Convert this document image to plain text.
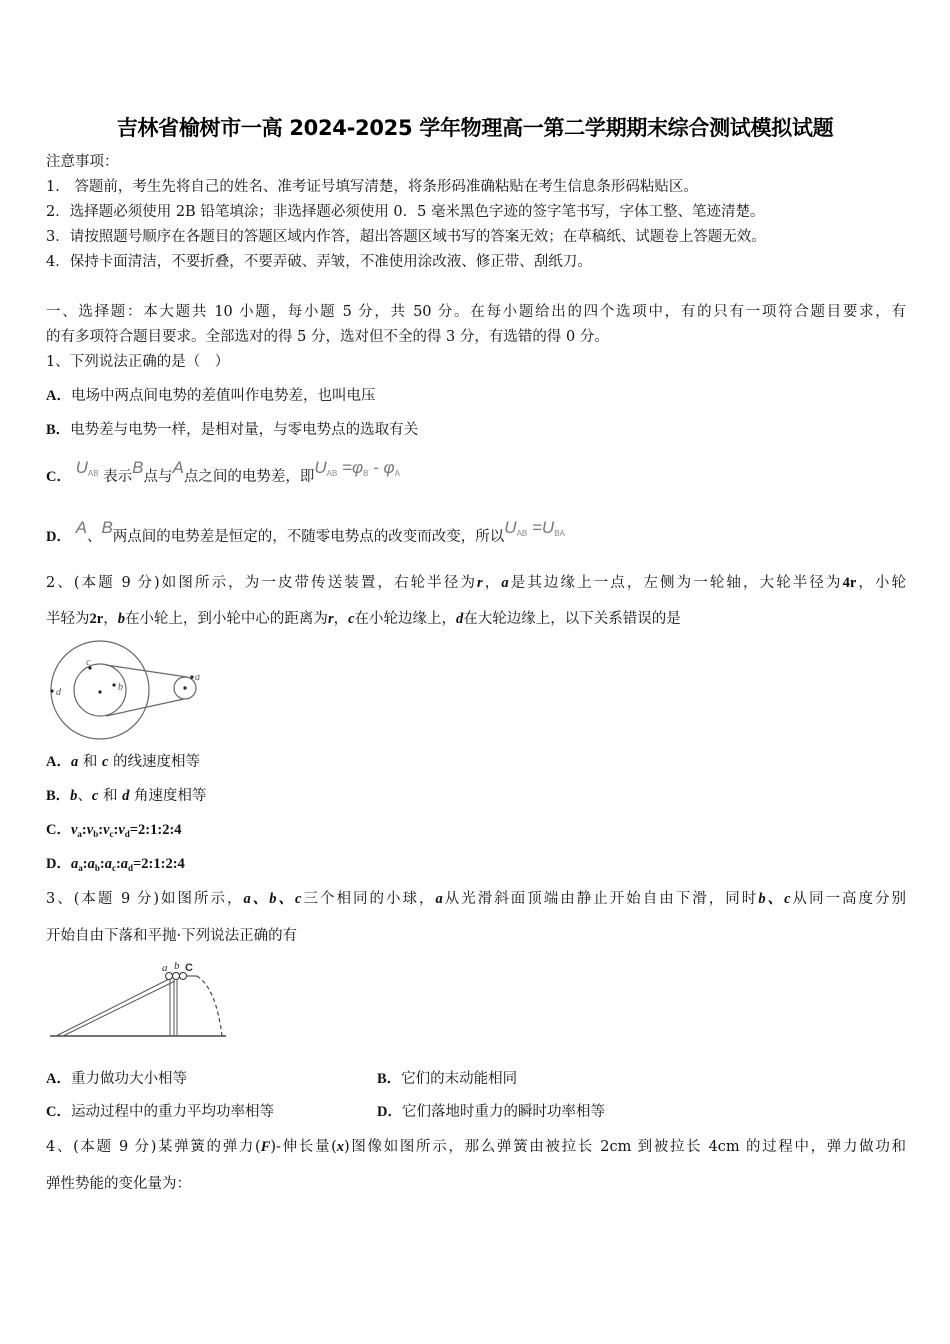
吉林省榆树市一高 2024-2025 学年物理高一第二学期期末综合测试模拟试题
注意事项：
1.　答题前，考生先将自己的姓名、准考证号填写清楚，将条形码准确粘贴在考生信息条形码粘贴区。
2．选择题必须使用 2B 铅笔填涂；非选择题必须使用 0．5 毫米黑色字迹的签字笔书写，字体工整、笔迹清楚。
3．请按照题号顺序在各题目的答题区域内作答，超出答题区域书写的答案无效；在草稿纸、试题卷上答题无效。
4．保持卡面清洁，不要折叠，不要弄破、弄皱，不准使用涂改液、修正带、刮纸刀。
一、选择题：本大题共 10 小题，每小题 5 分，共 50 分。在每小题给出的四个选项中，有的只有一项符合题目要求，有
的有多项符合题目要求。全部选对的得 5 分，选对但不全的得 3 分，有选错的得 0 分。
1、下列说法正确的是（　）
A．电场中两点间电势的差值叫作电势差，也叫电压
B．电势差与电势一样，是相对量，与零电势点的选取有关
C． $U_{AB}$ 表示B点与A点之间的电势差，即$U_{AB} =\varphi_B - \varphi_A$
D． A、B两点间的电势差是恒定的，不随零电势点的改变而改变，所以$U_{AB} =U_{BA}$
2、(本题 9 分)如图所示，为一皮带传送装置，右轮半径为r，a是其边缘上一点，左侧为一轮轴，大轮半径为4r，小轮
半轻为2r，b在小轮上，到小轮中心的距离为r，c在小轮边缘上，d在大轮边缘上，以下关系错误的是
c
b
d
a
A．a 和 c 的线速度相等
B．b、c 和 d 角速度相等
C．$v_a:v_b:v_c:v_d=2:1:2:4$
D．$a_a:a_b:a_c:a_d=2:1:2:4$
3、(本题 9 分)如图所示，a、b、c三个相同的小球，a从光滑斜面顶端由静止开始自由下滑，同时b、c从同一高度分别
开始自由下落和平抛·下列说法正确的有
a b C
A．重力做功大小相等	B．它们的末动能相同
C．运动过程中的重力平均功率相等	D．它们落地时重力的瞬时功率相等
4、(本题 9 分)某弹簧的弹力(F)-伸长量(x)图像如图所示，那么弹簧由被拉长 2cm 到被拉长 4cm 的过程中，弹力做功和
弹性势能的变化量为：
